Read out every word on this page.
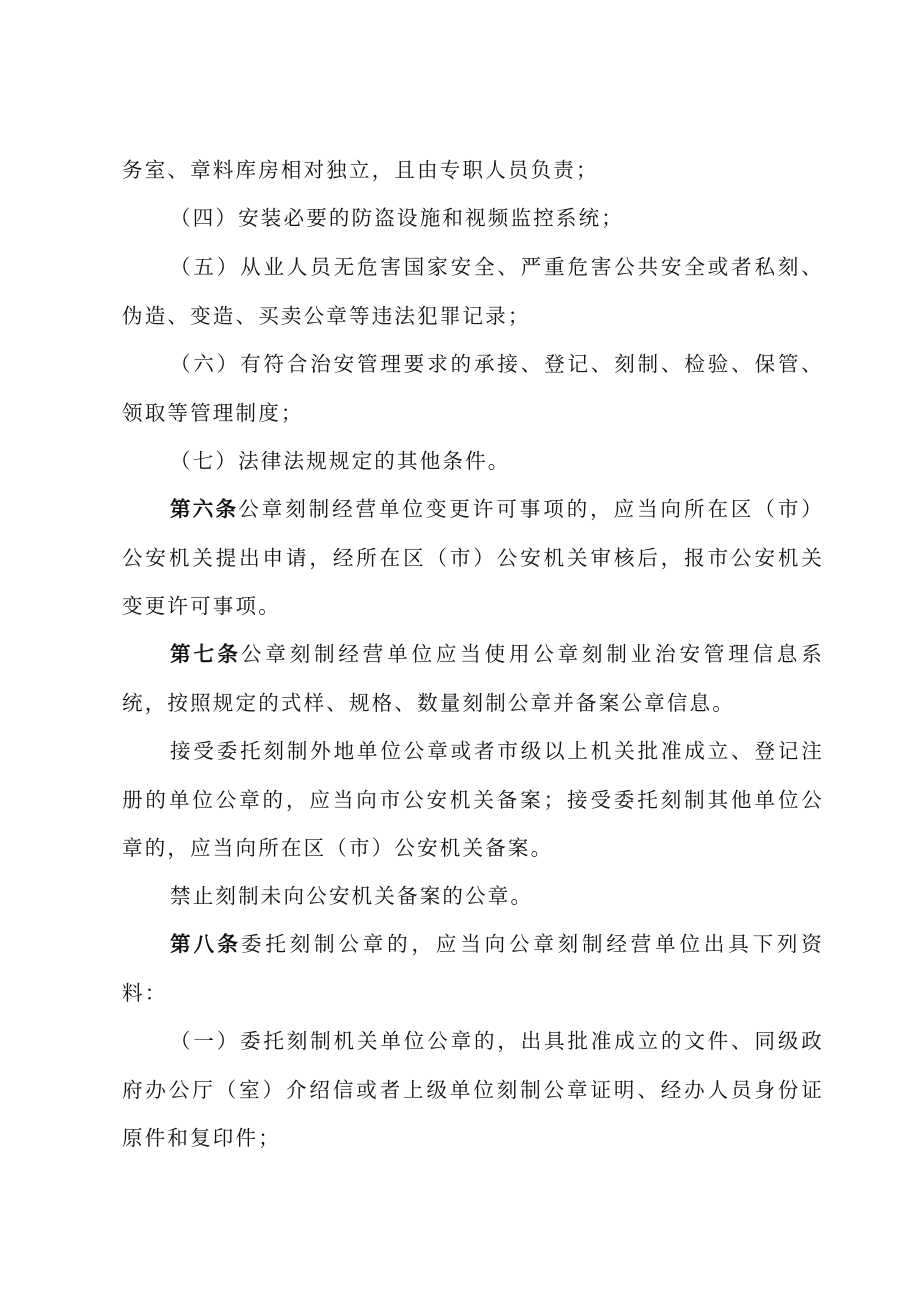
务室、章料库房相对独立，且由专职人员负责；

（四）安装必要的防盗设施和视频监控系统；

（五）从业人员无危害国家安全、严重危害公共安全或者私刻、伪造、变造、买卖公章等违法犯罪记录；

（六）有符合治安管理要求的承接、登记、刻制、检验、保管、领取等管理制度；

（七）法律法规规定的其他条件。

第六条公章刻制经营单位变更许可事项的，应当向所在区（市）公安机关提出申请，经所在区（市）公安机关审核后，报市公安机关变更许可事项。

第七条公章刻制经营单位应当使用公章刻制业治安管理信息系统，按照规定的式样、规格、数量刻制公章并备案公章信息。

接受委托刻制外地单位公章或者市级以上机关批准成立、登记注册的单位公章的，应当向市公安机关备案；接受委托刻制其他单位公章的，应当向所在区（市）公安机关备案。

禁止刻制未向公安机关备案的公章。

第八条委托刻制公章的，应当向公章刻制经营单位出具下列资料：

（一）委托刻制机关单位公章的，出具批准成立的文件、同级政府办公厅（室）介绍信或者上级单位刻制公章证明、经办人员身份证原件和复印件；
